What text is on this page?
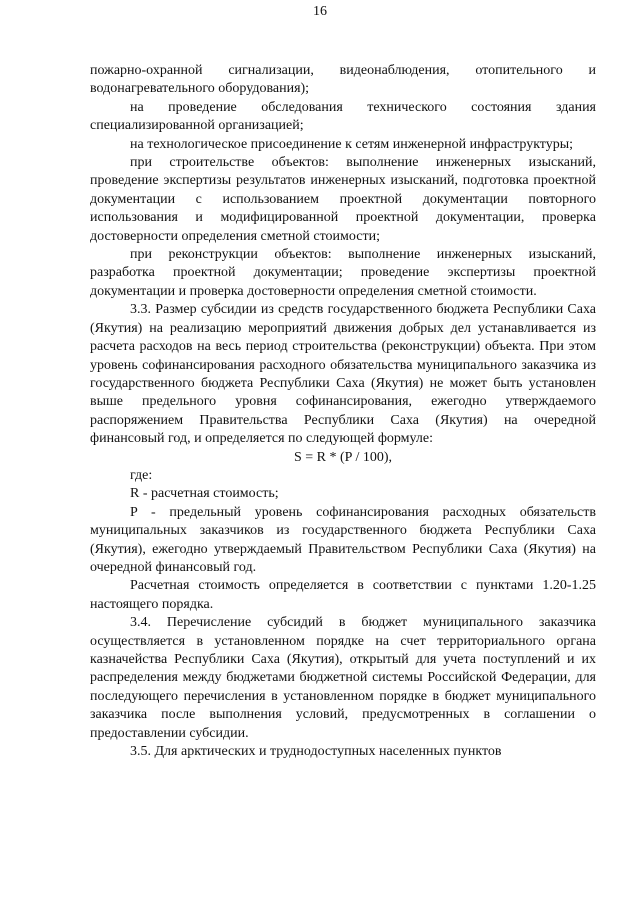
16

пожарно-охранной сигнализации, видеонаблюдения, отопительного и водонагревательного оборудования);

на проведение обследования технического состояния здания специализированной организацией;

на технологическое присоединение к сетям инженерной инфраструктуры;

при строительстве объектов: выполнение инженерных изысканий, проведение экспертизы результатов инженерных изысканий, подготовка проектной документации с использованием проектной документации повторного использования и модифицированной проектной документации, проверка достоверности определения сметной стоимости;

при реконструкции объектов: выполнение инженерных изысканий, разработка проектной документации; проведение экспертизы проектной документации и проверка достоверности определения сметной стоимости.

3.3. Размер субсидии из средств государственного бюджета Республики Саха (Якутия) на реализацию мероприятий движения добрых дел устанавливается из расчета расходов на весь период строительства (реконструкции) объекта. При этом уровень софинансирования расходного обязательства муниципального заказчика из государственного бюджета Республики Саха (Якутия) не может быть установлен выше предельного уровня софинансирования, ежегодно утверждаемого распоряжением Правительства Республики Саха (Якутия) на очередной финансовый год, и определяется по следующей формуле:

S = R * (P / 100),

где:

R - расчетная стоимость;

P - предельный уровень софинансирования расходных обязательств муниципальных заказчиков из государственного бюджета Республики Саха (Якутия), ежегодно утверждаемый Правительством Республики Саха (Якутия) на очередной финансовый год.

Расчетная стоимость определяется в соответствии с пунктами 1.20-1.25 настоящего порядка.

3.4. Перечисление субсидий в бюджет муниципального заказчика осуществляется в установленном порядке на счет территориального органа казначейства Республики Саха (Якутия), открытый для учета поступлений и их распределения между бюджетами бюджетной системы Российской Федерации, для последующего перечисления в установленном порядке в бюджет муниципального заказчика после выполнения условий, предусмотренных в соглашении о предоставлении субсидии.

3.5. Для арктических и труднодоступных населенных пунктов
